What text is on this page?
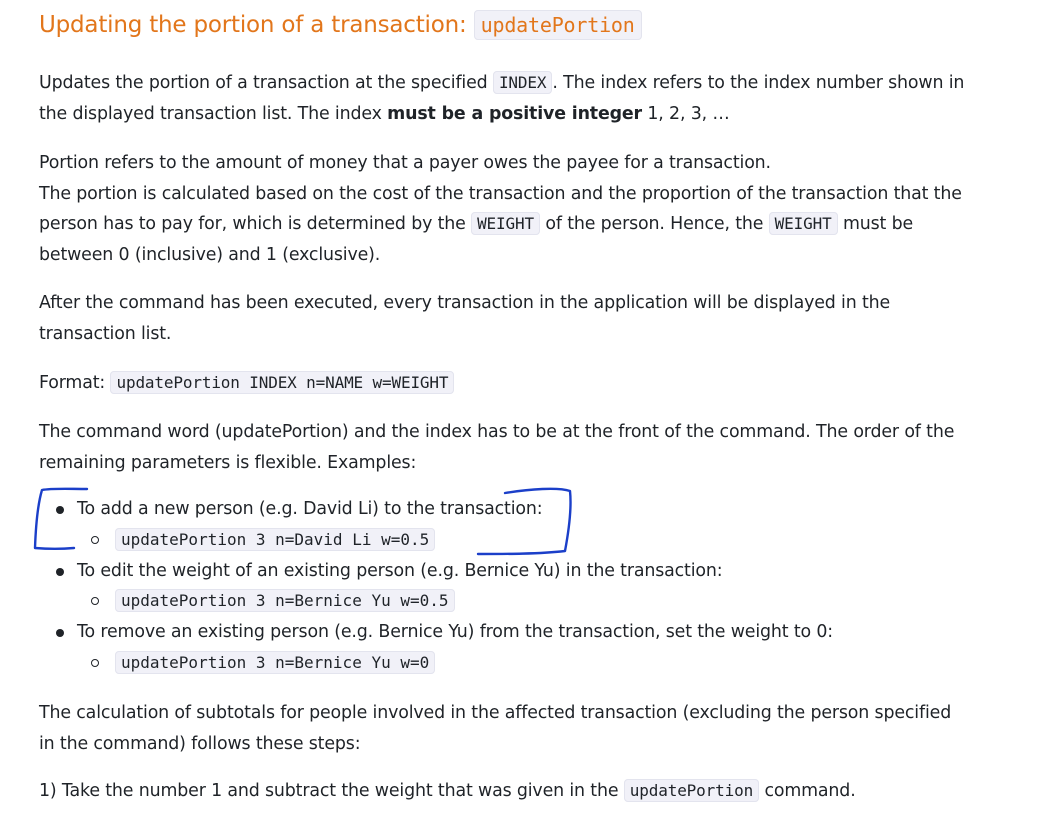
Updating the portion of a transaction: updatePortion

Updates the portion of a transaction at the specified INDEX . The index refers to the index number shown in the displayed transaction list. The index must be a positive integer 1, 2, 3, …

Portion refers to the amount of money that a payer owes the payee for a transaction.
The portion is calculated based on the cost of the transaction and the proportion of the transaction that the person has to pay for, which is determined by the WEIGHT of the person. Hence, the WEIGHT must be between 0 (inclusive) and 1 (exclusive).

After the command has been executed, every transaction in the application will be displayed in the transaction list.

Format: updatePortion INDEX n=NAME w=WEIGHT

The command word (updatePortion) and the index has to be at the front of the command. The order of the remaining parameters is flexible. Examples:

To add a new person (e.g. David Li) to the transaction:
updatePortion 3 n=David Li w=0.5
To edit the weight of an existing person (e.g. Bernice Yu) in the transaction:
updatePortion 3 n=Bernice Yu w=0.5
To remove an existing person (e.g. Bernice Yu) from the transaction, set the weight to 0:
updatePortion 3 n=Bernice Yu w=0

The calculation of subtotals for people involved in the affected transaction (excluding the person specified in the command) follows these steps:

1) Take the number 1 and subtract the weight that was given in the updatePortion command.
